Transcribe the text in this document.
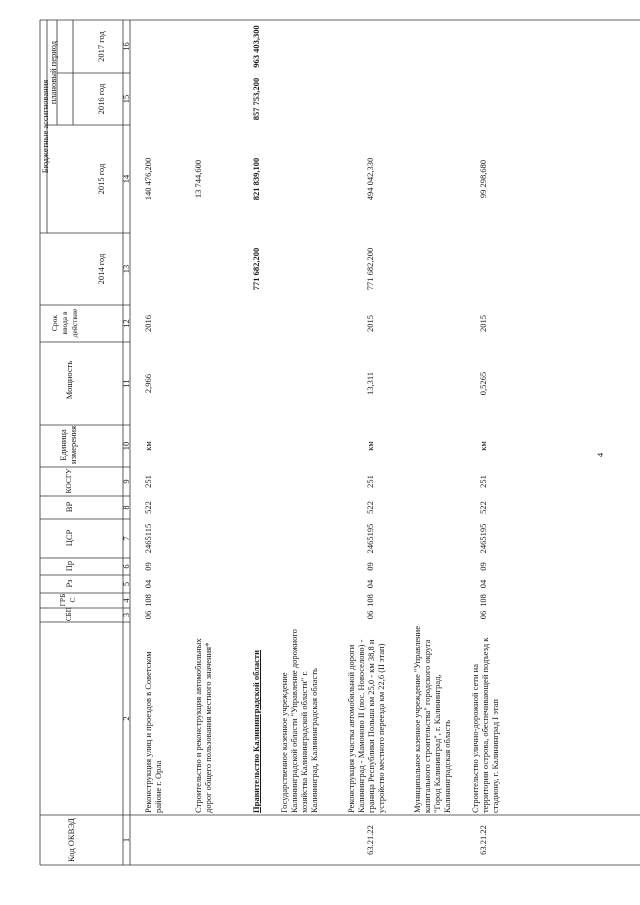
Код ОКВЭД
СБП
ГРБ С
Рз
Пр
ЦСР
ВР
КОСГУ
Единица измерения
Мощность
Срок ввода в действие
Бюджетные ассигнования
2014 год
2015 год
плановый период	2016 год
2017 год
1
2
3
4
5
6
7
8
9
10
11
12
13
14
15
16
Реконструкция улиц и проездов в Советском районе г. Орла
06
108
04
09
2465115
522
251
км
2,966
2016
140 476,200
Строительство и реконструкция автомобильных дорог общего пользования местного значения*
13 744,600
Правительство Калининградской области
771 682,200
821 839,100
857 753,200
963 403,300
Государственное казенное учреждение Калининградской области "Управление дорожного хозяйства Калининградской области" г. Калининград, Калининградская область
63.21.22
Реконструкция участка автомобильной дороги Калининград - Мамоново II (пос. Новоселово) - граница Республики Польша км 25,0 - км 38,8 и устройство местного переезда км 22,6 (II этап)
06
108
04
09
2465195
522
251
км
13,311
2015
771 682,200
494 042,330
Муниципальное казенное учреждение "Управление капитального строительства" городского округа "Город Калининград", г. Калининград, Калининградская область
63.21.22
Строительство улично-дорожной сети на территории острова, обеспечивающей подъезд к стадиону, г. Калининград I этап
06
108
04
09
2465195
522
251
км
0,5265
2015
99 298,680
4
